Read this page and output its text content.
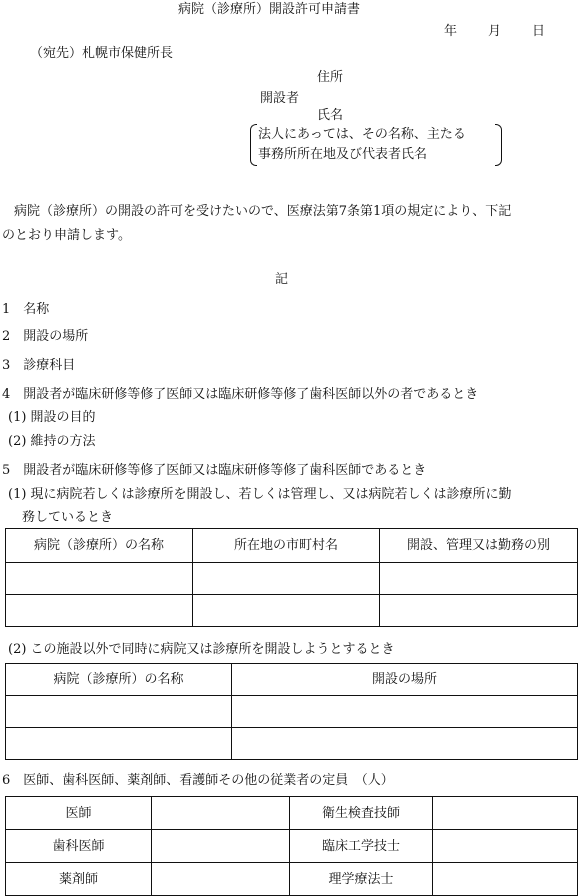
病院（診療所）開設許可申請書
年 月 日
（宛先）札幌市保健所長
住所
開設者
氏名
法人にあっては、その名称、主たる
事務所所在地及び代表者氏名
病院（診療所）の開設の許可を受けたいので、医療法第7条第1項の規定により、下記
のとおり申請します。
記
1　名称
2　開設の場所
3　診療科目
4　開設者が臨床研修等修了医師又は臨床研修等修了歯科医師以外の者であるとき
(1) 開設の目的
(2) 維持の方法
5　開設者が臨床研修等修了医師又は臨床研修等修了歯科医師であるとき
(1) 現に病院若しくは診療所を開設し、若しくは管理し、又は病院若しくは診療所に勤
務しているとき
病院（診療所）の名称	所在地の市町村名	開設、管理又は勤務の別

(2) この施設以外で同時に病院又は診療所を開設しようとするとき
病院（診療所）の名称	開設の場所

6　医師、歯科医師、薬剤師、看護師その他の従業者の定員　（人）
医師		衛生検査技師	
歯科医師		臨床工学技士	
薬剤師		理学療法士	
